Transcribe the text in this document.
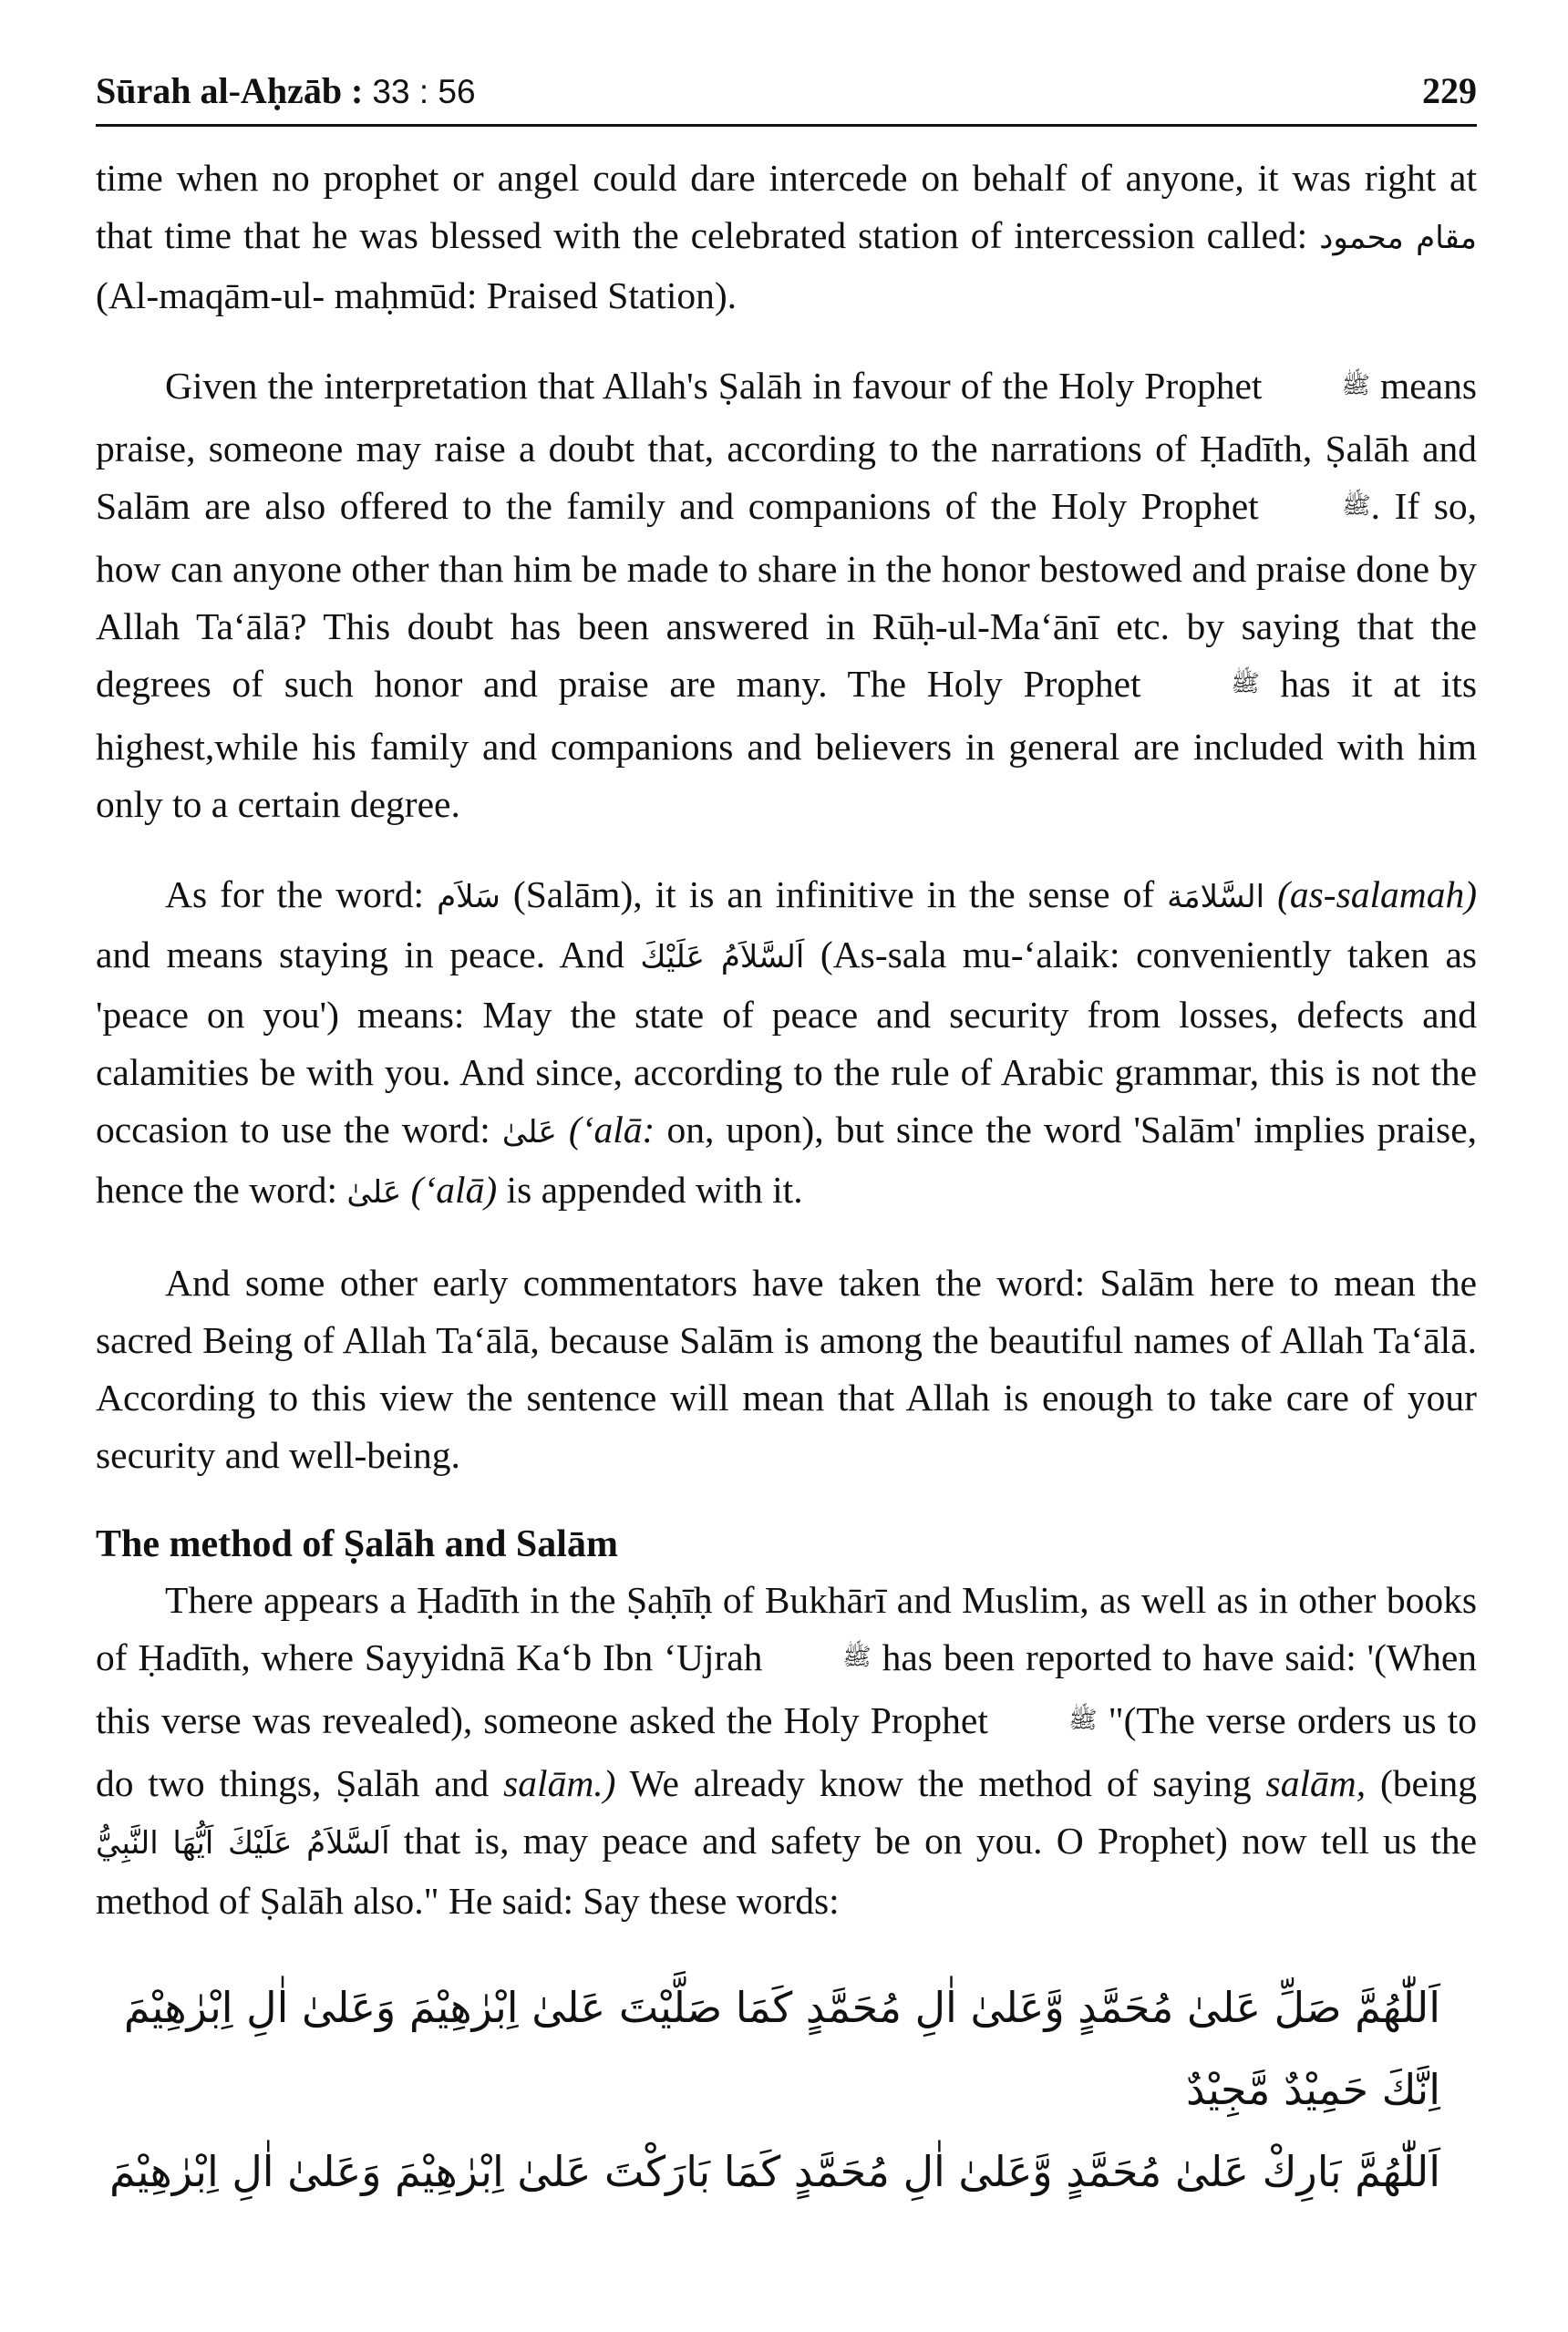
Sūrah al-Aḥzāb : 33 : 56	229

time when no prophet or angel could dare intercede on behalf of anyone, it was right at that time that he was blessed with the celebrated station of intercession called: مقام محمود (Al-maqām-ul- maḥmūd: Praised Station).

Given the interpretation that Allah's Ṣalāh in favour of the Holy Prophet	ﷺ means praise, someone may raise a doubt that, according to the narrations of Ḥadīth, Ṣalāh and Salām are also offered to the family and companions of the Holy Prophet	ﷺ. If so, how can anyone other than him be made to share in the honor bestowed and praise done by Allah Ta‘ālā? This doubt has been answered in Rūḥ-ul-Ma‘ānī etc. by saying that the degrees of such honor and praise are many. The Holy Prophet	ﷺ has it at its highest,while his family and companions and believers in general are included with him only to a certain degree.

As for the word: سَلاَم (Salām), it is an infinitive in the sense of السَّلامَة (as-salamah) and means staying in peace. And اَلسَّلاَمُ عَلَيْكَ (As-sala mu-‘alaik: conveniently taken as 'peace on you') means: May the state of peace and security from losses, defects and calamities be with you. And since, according to the rule of Arabic grammar, this is not the occasion to use the word: عَلىٰ (‘alā: on, upon), but since the word 'Salām' implies praise, hence the word: عَلىٰ (‘alā) is appended with it.

And some other early commentators have taken the word: Salām here to mean the sacred Being of Allah Ta‘ālā, because Salām is among the beautiful names of Allah Ta‘ālā. According to this view the sentence will mean that Allah is enough to take care of your security and well-being.

The method of Ṣalāh and Salām

There appears a Ḥadīth in the Ṣaḥīḥ of Bukhārī and Muslim, as well as in other books of Ḥadīth, where Sayyidnā Ka‘b Ibn ‘Ujrah	ﷺ has been reported to have said: '(When this verse was revealed), someone asked the Holy Prophet	ﷺ "(The verse orders us to do two things, Ṣalāh and salām.) We already know the method of saying salām, (being اَلسَّلاَمُ عَلَيْكَ اَيُّهَا النَّبِيُّ that is, may peace and safety be on you. O Prophet) now tell us the method of Ṣalāh also." He said: Say these words:

اَللّٰهُمَّ صَلِّ عَلىٰ مُحَمَّدٍ وَّعَلىٰ اٰلِ مُحَمَّدٍ كَمَا صَلَّيْتَ عَلىٰ اِبْرٰهِيْمَ وَعَلىٰ اٰلِ اِبْرٰهِيْمَ
اِنَّكَ حَمِيْدٌ مَّجِيْدٌ
اَللّٰهُمَّ بَارِكْ عَلىٰ مُحَمَّدٍ وَّعَلىٰ اٰلِ مُحَمَّدٍ كَمَا بَارَكْتَ عَلىٰ اِبْرٰهِيْمَ وَعَلىٰ اٰلِ اِبْرٰهِيْمَ
